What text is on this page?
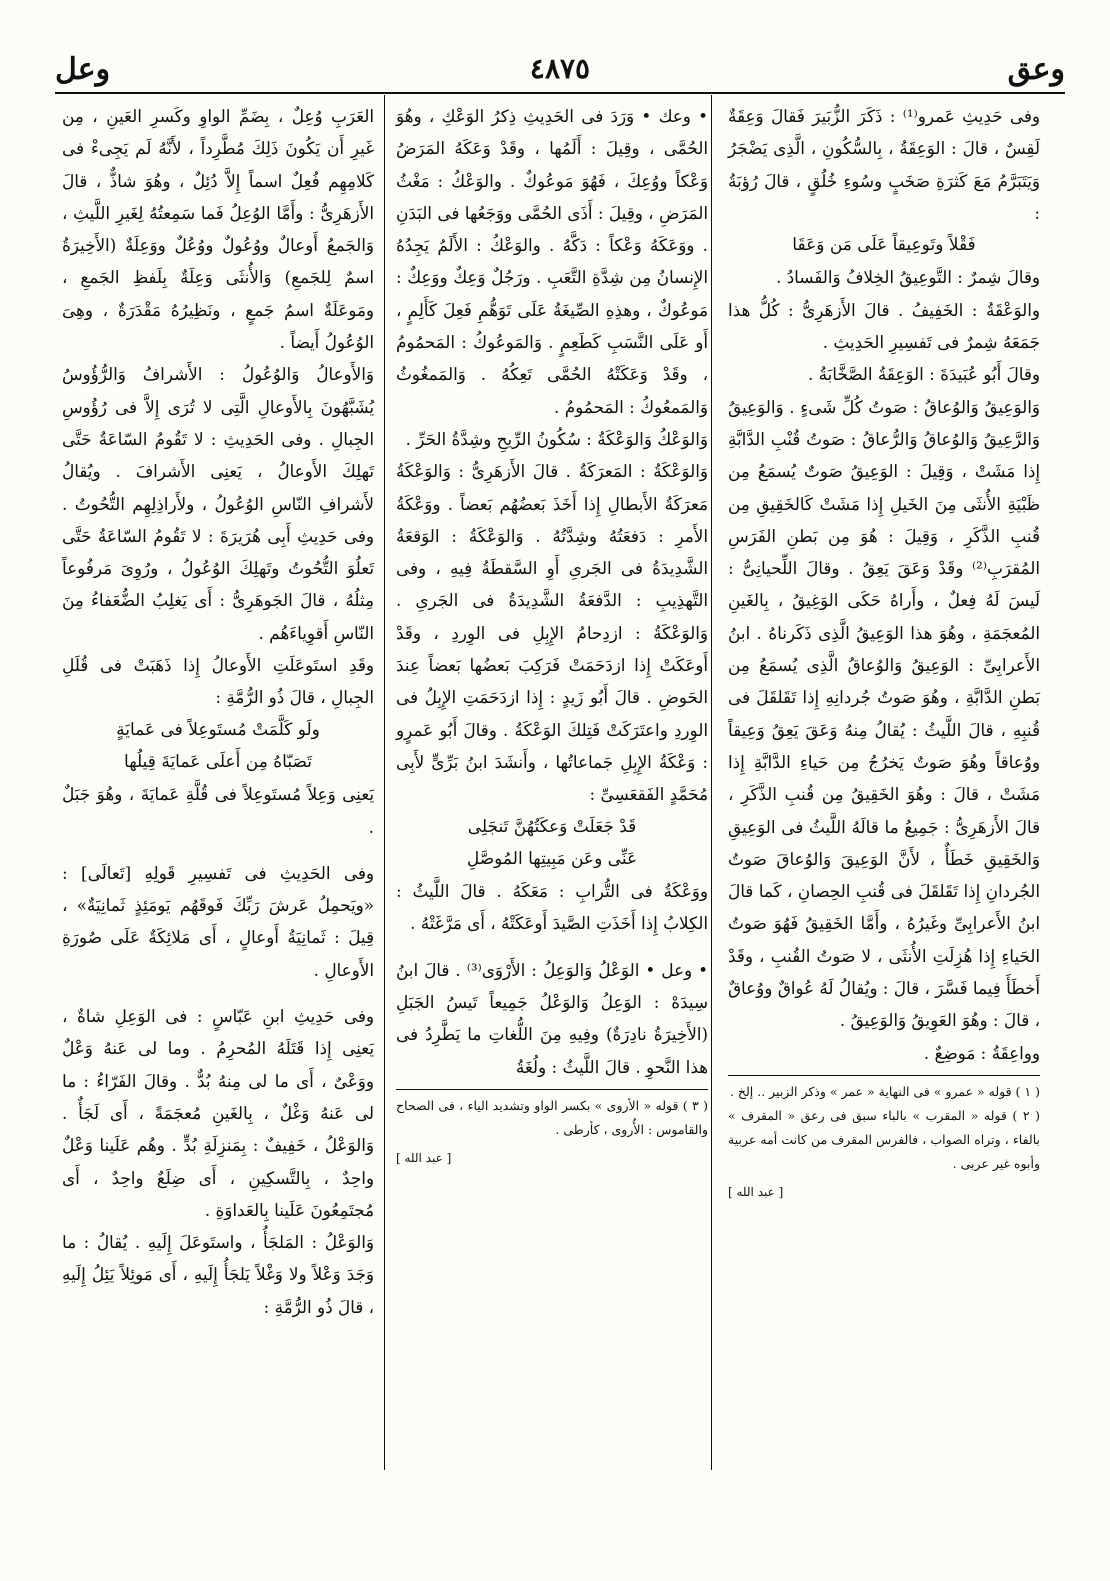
وعق
٤٨٧٥
وعل

وفى حَدِيثِ عَمرو⁽¹⁾ : ذَكَرَ الزُّبَيرَ فَقالَ وَعِقَةٌ لَقِسٌ ، قالَ : الوَعِقَةُ ، بِالسُّكُونِ ، الَّذِى يَضْجَرُ وَيَتَبَرَّمُ مَعَ كَثرَةِ صَخَبٍ وسُوءِ خُلُقٍ ، قالَ رُؤبَةُ :

فَقْلاً وتَوعِيقاً عَلَى مَن وَعَقَا

وقالَ شِمرٌ : التَّوعِيقُ الخِلافُ وَالفَسادُ .

والوَعْقَةُ : الخَفِيفُ . قالَ الأَزهَرِىُّ : كُلُّ هذا جَمَعَهُ شِمرٌ فى تَفسِيرِ الحَدِيثِ .

وقالَ أَبُو عُبَيدَةَ : الوَعِقَةُ الصَّخَّابَةُ .

وَالوَعِيقُ وَالوُعاقُ : صَوتُ كُلِّ شَىءٍ . وَالوَعِيقُ وَالرَّعِيقُ وَالوُعاقُ وَالرُّعاقُ : صَوتُ قُنْبِ الدَّابَّةِ إِذا مَشَتْ ، وَقِيلَ : الوَعِيقُ صَوتٌ يُسمَعُ مِن ظَبْيَةِ الأُنثَى مِنَ الخَيلِ إِذا مَشَتْ كَالخَقِيقِ مِن قُنبِ الذَّكَرِ ، وَقِيلَ : هُوَ مِن بَطنِ الفَرَسِ المُقرَبِ⁽²⁾ وقَدْ وَعَقَ يَعِقُ . وقالَ اللِّحيانِىُّ : لَيسَ لَهُ فِعلٌ ، وأَراهُ حَكَى الوَغِيقُ ، بِالغَينِ المُعجَمَةِ ، وهُوَ هذا الوَعِيقُ الَّذِى ذَكَرناهُ . ابنُ الأَعرابِىِّ : الوَعِيقُ وَالوُعاقُ الَّذِى يُسمَعُ مِن بَطنِ الدَّابَّةِ ، وهُوَ صَوتُ جُردانِهِ إِذا تَقَلقَلَ فى قُنبِهِ ، قالَ اللَّيثُ : يُقالُ مِنهُ وَعَقَ يَعِقُ وَعِيقاً ووُعاقاً وهُوَ صَوتٌ يَخرُجُ مِن حَياءِ الدَّابَّةِ إِذا مَشَتْ ، قالَ : وهُوَ الخَقِيقُ مِن قُنبِ الذَّكَرِ ، قالَ الأَزهَرِىُّ : جَمِيعُ ما قالَهُ اللَّيثُ فى الوَعِيقِ وَالخَقِيقِ خَطَأٌ ، لأَنَّ الوَعِيقَ وَالوُعاقَ صَوتُ الجُردانِ إِذا تَقَلقَلَ فى قُنبِ الحِصانِ ، كَما قالَ ابنُ الأَعرابِىِّ وغَيرُهُ ، وأَمَّا الخَقِيقُ فَهُوَ صَوتُ الحَياءِ إِذا هُزِلَتِ الأُنثَى ، لا صَوتُ القُنبِ ، وقَدْ أَخطَأَ فِيما فَسَّرَ ، قالَ : ويُقالُ لَهُ عُواقٌ ووُعاقٌ ، قالَ : وهُوَ العَوِيقُ وَالوَعِيقُ .

وواعِقَةُ : مَوضِعٌ .

( ١ ) قوله « عمرو » فى النهاية « عمر » وذكر الزبير .. إلخ .

( ٢ ) قوله « المقرب » بالباء سبق فى رعق « المقرف » بالفاء ، وتراه الصواب ، فالفرس المقرف من كانت أمه عربية وأبوه غير عربى .

[ عبد الله ]

• وعك • وَرَدَ فى الحَدِيثِ ذِكرُ الوَعْكِ ، وهُوَ الحُمَّى ، وقِيلَ : أَلَمُها ، وقَدْ وَعَكَهُ المَرَضُ وَعْكاً ووُعِكَ ، فَهُوَ مَوعُوكٌ . والوَعْكُ : مَغْثُ المَرَضِ ، وقِيلَ : أَذَى الحُمَّى ووَجَعُها فى البَدَنِ . ووَعَكَهُ وَعْكاً : دَكَّهُ . والوَعْكُ : الأَلَمُ يَجِدُهُ الإِنسانُ مِن شِدَّةِ التَّعَبِ . ورَجُلٌ وَعِكٌ ووَعِكٌ : مَوعُوكٌ ، وهذِهِ الصِّيغَةُ عَلَى تَوَهُّمِ فَعِلَ كَأَلِمٍ ، أَو عَلَى النَّسَبِ كَطَعِمٍ . وَالمَوعُوكُ : المَحمُومُ ، وقَدْ وَعَكَتْهُ الحُمَّى تَعِكُهُ . وَالمَمغُوثُ وَالمَمعُوكُ : المَحمُومُ .

وَالوَعْكُ وَالوَعْكَةُ : سُكُونُ الرِّيحِ وشِدَّةُ الحَرِّ .

وَالوَعْكَةُ : المَعرَكَةُ . قالَ الأَزهَرِىُّ : وَالوَعْكَةُ مَعرَكَةُ الأَبطالِ إِذا أَخَذَ بَعضُهُم بَعضاً . ووَعْكَةُ الأَمرِ : دَفعَتُهُ وشِدَّتُهُ . وَالوَعْكَةُ : الوَقعَةُ الشَّدِيدَةُ فى الجَرىِ أَوِ السَّقطَةُ فِيهِ ، وفى التَّهذِيبِ : الدَّفعَةُ الشَّدِيدَةُ فى الجَرىِ . وَالوَعْكَةُ : ازدِحامُ الإِبِلِ فى الوِردِ ، وقَدْ أَوعَكَتْ إِذا ازدَحَمَتْ فَرَكِبَ بَعضُها بَعضاً عِندَ الحَوضِ . قالَ أَبُو زَيدٍ : إِذا ازدَحَمَتِ الإِبِلُ فى الوِردِ واعتَرَكَتْ فَتِلكَ الوَعْكَةُ . وقالَ أَبُو عَمرٍو : وَعْكَةُ الإِبِلِ جَماعاتُها ، وأَنشَدَ ابنُ بَرِّىٍّ لأَبِى مُحَمَّدٍ الفَقعَسِىِّ :

قَدْ جَعَلَتْ وَعكَتُهُنَّ تَنجَلِى

عَنِّى وعَن مَبِيتِها المُوصَّلِ

ووَعْكَةُ فى التُّرابِ : مَعَكَهُ . قالَ اللَّيثُ : الكِلابُ إِذا أَخَذَتِ الصَّيدَ أَوعَكَتْهُ ، أَى مَرَّغَتْهُ .

• وعل • الوَعْلُ وَالوَعِلُ : الأَرْوَى⁽³⁾ . قالَ ابنُ سِيدَهْ : الوَعِلُ وَالوَعْلُ جَمِيعاً تَيسُ الجَبَلِ (الأَخِيرَةُ نادِرَةٌ) وفِيهِ مِنَ اللُّغاتِ ما يَطَّرِدُ فى هذا النَّحوِ . قالَ اللَّيثُ : ولُغَةُ

( ٣ ) قوله « الأروى » بكسر الواو وتشديد الياء ، فى الصحاح والقاموس : الأُروى ، كأرطى .

[ عبد الله ]

العَرَبِ وُعِلٌ ، بِضَمِّ الواوِ وكَسرِ العَينِ ، مِن غَيرِ أَن يَكُونَ ذَلِكَ مُطَّرِداً ، لأَنَّهُ لَم يَجِىءْ فى كَلامِهِم فُعِلٌ اسماً إِلاَّ دُئِلٌ ، وهُوَ شاذٌّ ، قالَ الأَزهَرِىُّ : وأَمَّا الوُعِلُ فَما سَمِعتُهُ لِغَيرِ اللَّيثِ ، وَالجَمعُ أَوعالٌ ووُعُولٌ ووُعُلٌ ووَعِلَةٌ (الأَخِيرَةُ اسمٌ لِلجَمعِ) وَالأُنثَى وَعِلَةٌ بِلَفظِ الجَمعِ ، ومَوعَلَةٌ اسمُ جَمعٍ ، ونَظِيرُهُ مَقْدَرَةٌ ، وهِىَ الوُعُولُ أَيضاً .

وَالأَوعالُ وَالوُعُولُ : الأَشرافُ وَالرُّؤُوسُ يُشَبَّهُونَ بِالأَوعالِ الَّتِى لا تُرَى إِلاَّ فى رُؤُوسِ الجِبالِ . وفى الحَدِيثِ : لا تَقُومُ السّاعَةُ حَتَّى تَهلِكَ الأَوعالُ ، يَعنِى الأَشرافَ . ويُقالُ لأَشرافِ النّاسِ الوُعُولُ ، ولأَراذِلِهِم التُّحُوتُ . وفى حَدِيثِ أَبِى هُرَيرَةَ : لا تَقُومُ السّاعَةُ حَتَّى تَعلُوَ التُّحُوتُ وتَهلِكَ الوُعُولُ ، ورُوِىَ مَرفُوعاً مِثلُهُ ، قالَ الجَوهَرِىُّ : أَى يَغلِبُ الضُّعَفاءُ مِنَ النّاسِ أَقوِياءَهُم .

وقَدِ استَوعَلَتِ الأَوعالُ إِذا ذَهَبَتْ فى قُلَلِ الجِبالِ ، قالَ ذُو الرُّمَّةِ :

ولَو كَلَّمَتْ مُستَوعِلاً فى عَمايَةٍ

تَصَبّاهُ مِن أَعلَى عَمايَةَ قِيلُها

يَعنِى وَعِلاً مُستَوعِلاً فى قُلَّةِ عَمايَةَ ، وهُوَ جَبَلٌ .

وفى الحَدِيثِ فى تَفسِيرِ قَولِهِ [تَعالَى] : «ويَحمِلُ عَرشَ رَبِّكَ فَوقَهُم يَومَئِذٍ ثَمانِيَةٌ» ، قِيلَ : ثَمانِيَةُ أَوعالٍ ، أَى مَلائِكَةٌ عَلَى صُورَةِ الأَوعالِ .

وفى حَدِيثِ ابنِ عَبّاسٍ : فى الوَعِلِ شاةٌ ، يَعنِى إِذا قَتَلَهُ المُحرِمُ . وما لى عَنهُ وَعْلٌ ووَعْىٌ ، أَى ما لى مِنهُ بُدٌّ . وقالَ الفَرّاءُ : ما لى عَنهُ وَغْلٌ ، بِالغَينِ مُعجَمَةً ، أَى لَجَأٌ . وَالوَعْلُ ، خَفِيفٌ : بِمَنزِلَةِ بُدٍّ . وهُم عَلَينا وَعْلٌ واحِدٌ ، بِالتَّسكِينِ ، أَى ضِلَعٌ واحِدٌ ، أَى مُجتَمِعُونَ عَلَينا بِالعَداوَةِ .

وَالوَعْلُ : المَلجَأُ ، واستَوعَلَ إِلَيهِ . يُقالُ : ما وَجَدَ وَعْلاً ولا وَغْلاً يَلجَأُ إِلَيهِ ، أَى مَوئِلاً يَئِلُ إِلَيهِ ، قالَ ذُو الرُّمَّةِ :
